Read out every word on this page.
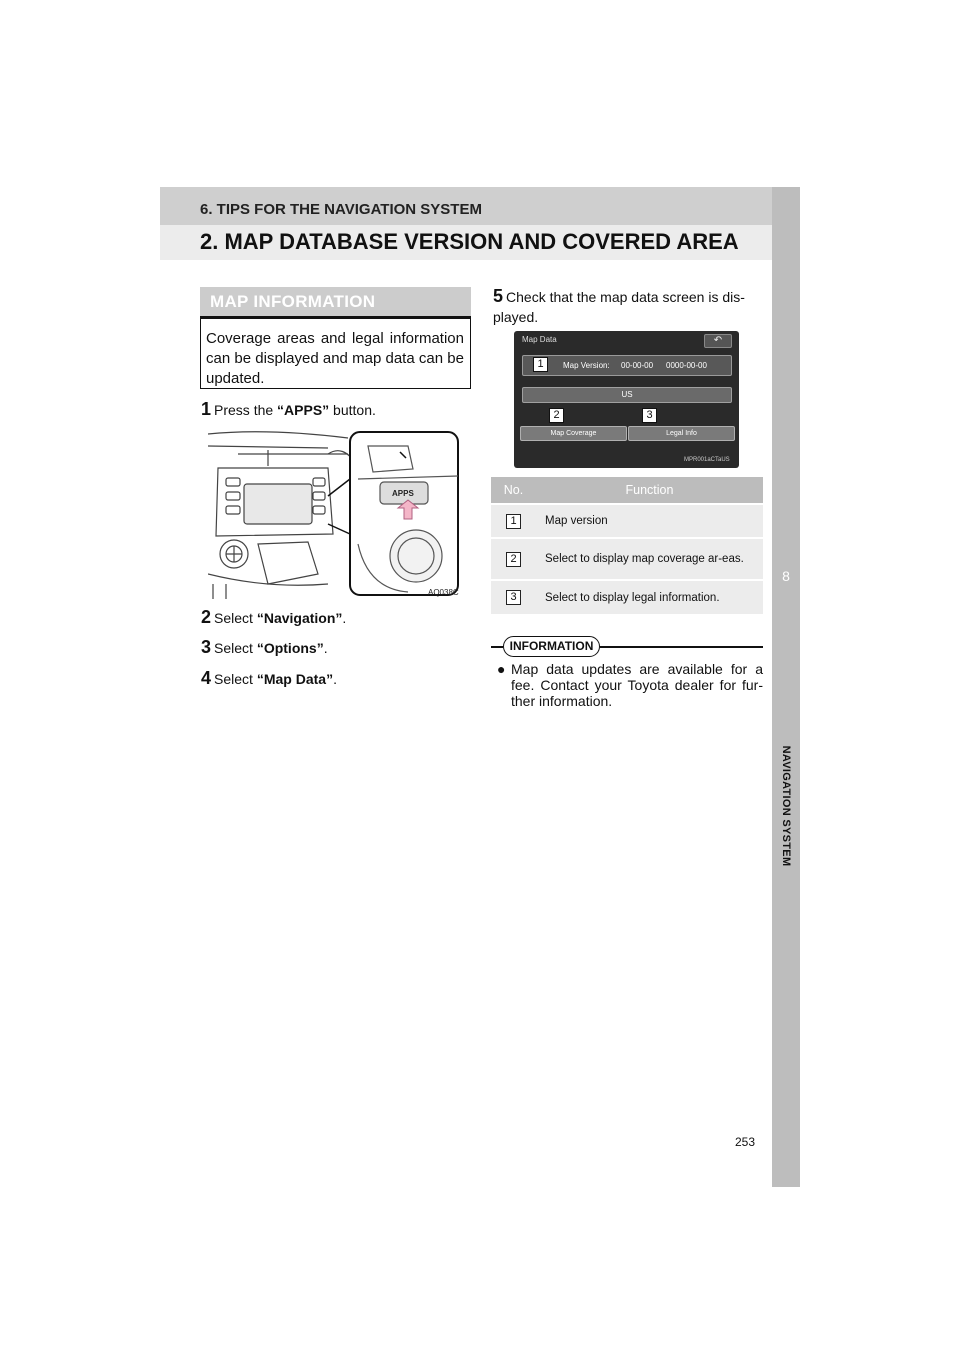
6. TIPS FOR THE NAVIGATION SYSTEM
2. MAP DATABASE VERSION AND COVERED AREA
8
NAVIGATION SYSTEM
MAP INFORMATION
Coverage areas and legal information can be displayed and map data can be updated.
1 Press the “APPS” button.
APPS
AQ038C
2 Select “Navigation”.
3 Select “Options”.
4 Select “Map Data”.
5 Check that the map data screen is dis-played.
Map Data	↶
Map Version: 00-00-00 0000-00-00
US
Map Coverage	Legal Info
MPR001aCTaUS
1
2	3
No.	Function
1	Map version
2	Select to display map coverage ar-eas.
3	Select to display legal information.
INFORMATION
● Map data updates are available for a fee. Contact your Toyota dealer for fur-ther information.
253
